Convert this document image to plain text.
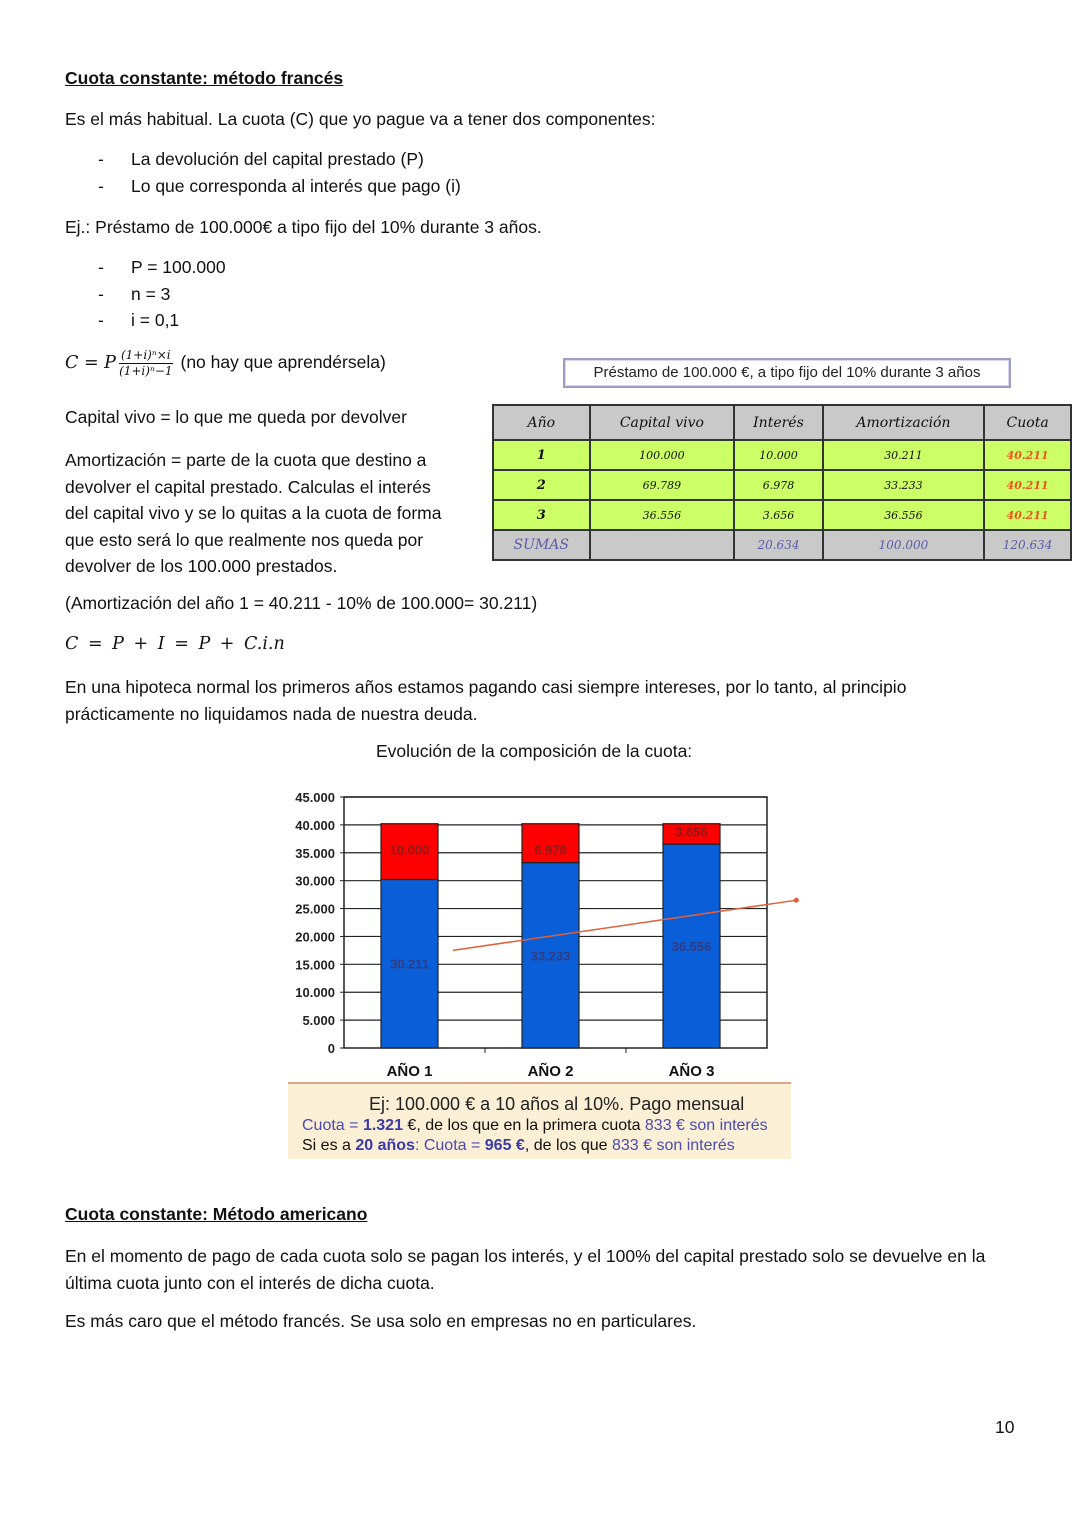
Cuota constante: método francés
Es el más habitual. La cuota (C) que yo pague va a tener dos componentes:
- La devolución del capital prestado (P)
- Lo que corresponda al interés que pago (i)
Ej.: Préstamo de 100.000€ a tipo fijo del 10% durante 3 años.
- P = 100.000
- n = 3
- i = 0,1
C = P $\frac{\text{(1+i)ⁿ×i}}{\text{(1+i)ⁿ−1}} (no$ hay que aprendérsela)
Capital vivo = lo que me queda por devolver
Amortización = parte de la cuota que destino a
devolver el capital prestado. Calculas el interés
del capital vivo y se lo quitas a la cuota de forma
que esto será lo que realmente nos queda por
devolver de los 100.000 prestados.
Préstamo de 100.000 €, a tipo fijo del 10% durante 3 años
Año	Capital vivo	Interés	Amortización	Cuota
1	100.000	10.000	30.211	40.211
2	69.789	6.978	33.233	40.211
3	36.556	3.656	36.556	40.211
SUMAS		20.634	100.000	120.634
(Amortización del año 1 = 40.211 - 10% de 100.000= 30.211)
C = P + I = P + C.i.n
En una hipoteca normal los primeros años estamos pagando casi siempre intereses, por lo tanto, al principio
prácticamente no liquidamos nada de nuestra deuda.
Evolución de la composición de la cuota:
0
5.000
10.000
15.000
20.000
25.000
30.000
35.000
40.000
45.000
30.211
10.000
AÑO 1
33.233
6.978
AÑO 2
36.556
3.656
AÑO 3
Ej: 100.000 € a 10 años al 10%. Pago mensual
Cuota = 1.321 €, de los que en la primera cuota 833 € son interés
Si es a 20 años: Cuota = 965 €, de los que 833 € son interés
Cuota constante: Método americano
En el momento de pago de cada cuota solo se pagan los interés, y el 100% del capital prestado solo se devuelve en la
última cuota junto con el interés de dicha cuota.
Es más caro que el método francés. Se usa solo en empresas no en particulares.
10
